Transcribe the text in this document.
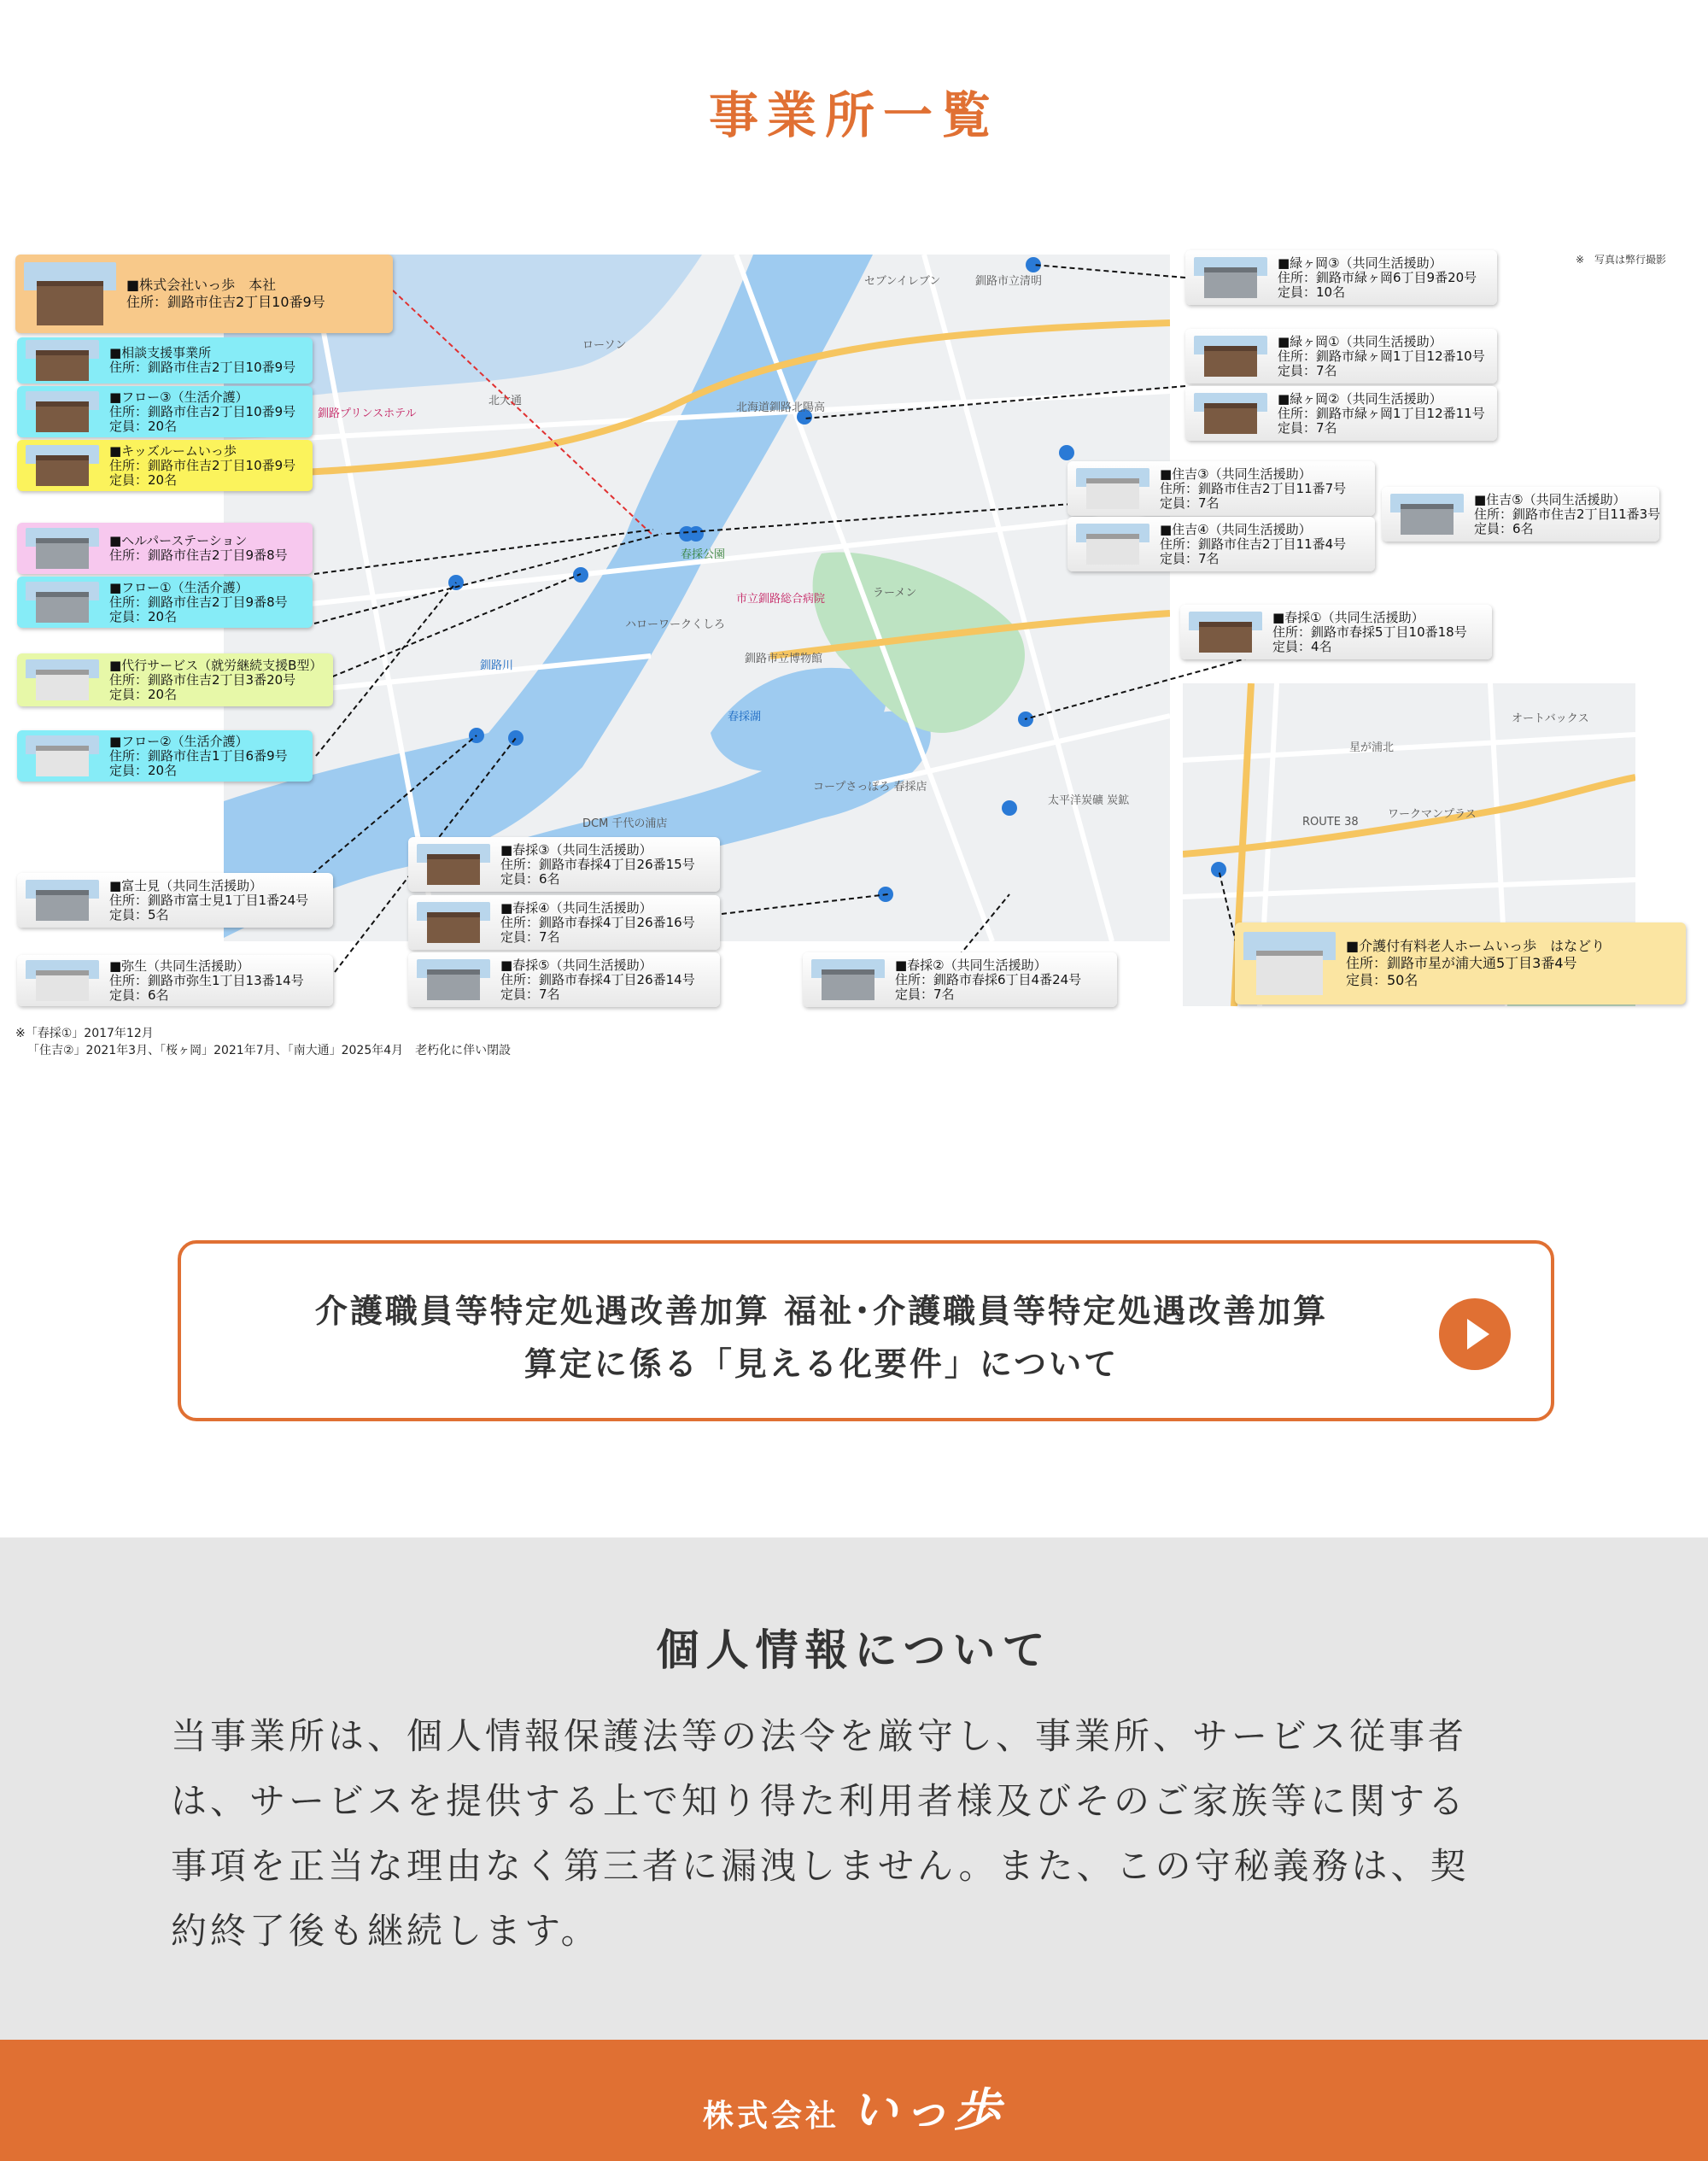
事業所一覧
※　写真は弊行撮影
ローソン
セブンイレブン
釧路プリンスホテル	北海道釧路北陽高
市立釧路総合病院
春採公園
釧路市立博物館
春採湖
ハローワークくしろ
コープさっぽろ 春採店
DCM 千代の浦店
太平洋炭礦 炭鉱
釧路川
釧路市立清明
ラーメン
北大通
ROUTE 38
星が浦北
オートバックス
ワークマンプラス
■株式会社いっ歩　本社
住所：釧路市住吉2丁目10番9号
■相談支援事業所
住所：釧路市住吉2丁目10番9号
■フロー③（生活介護）
住所：釧路市住吉2丁目10番9号
定員：20名
■キッズルームいっ歩
住所：釧路市住吉2丁目10番9号
定員：20名
■ヘルパーステーション
住所：釧路市住吉2丁目9番8号
■フロー①（生活介護）
住所：釧路市住吉2丁目9番8号
定員：20名
■代行サービス（就労継続支援B型）
住所：釧路市住吉2丁目3番20号
定員：20名
■フロー②（生活介護）
住所：釧路市住吉1丁目6番9号
定員：20名
■富士見（共同生活援助）
住所：釧路市富士見1丁目1番24号
定員：5名
■弥生（共同生活援助）
住所：釧路市弥生1丁目13番14号
定員：6名
■春採③（共同生活援助）
住所：釧路市春採4丁目26番15号
定員：6名
■春採④（共同生活援助）
住所：釧路市春採4丁目26番16号
定員：7名
■春採⑤（共同生活援助）
住所：釧路市春採4丁目26番14号
定員：7名
■春採②（共同生活援助）
住所：釧路市春採6丁目4番24号
定員：7名
■緑ヶ岡③（共同生活援助）
住所：釧路市緑ヶ岡6丁目9番20号
定員：10名
■緑ヶ岡①（共同生活援助）
住所：釧路市緑ヶ岡1丁目12番10号
定員：7名
■緑ヶ岡②（共同生活援助）
住所：釧路市緑ヶ岡1丁目12番11号
定員：7名
■住吉③（共同生活援助）
住所：釧路市住吉2丁目11番7号
定員：7名
■住吉④（共同生活援助）
住所：釧路市住吉2丁目11番4号
定員：7名
■住吉⑤（共同生活援助）
住所：釧路市住吉2丁目11番3号
定員：6名
■春採①（共同生活援助）
住所：釧路市春採5丁目10番18号
定員：4名
■介護付有料老人ホームいっ歩　はなどり
住所：釧路市星が浦大通5丁目3番4号
定員：50名
※「春採①」2017年12月
「住吉②」2021年3月、「桜ヶ岡」2021年7月、「南大通」2025年4月　老朽化に伴い閉設
介護職員等特定処遇改善加算 福祉･介護職員等特定処遇改善加算
算定に係る「見える化要件」について
個人情報について
当事業所は、個人情報保護法等の法令を厳守し、事業所、サービス従事者
は、サービスを提供する上で知り得た利用者様及びそのご家族等に関する
事項を正当な理由なく第三者に漏洩しません。また、この守秘義務は、契
約終了後も継続します。
株式会社 いっ歩
